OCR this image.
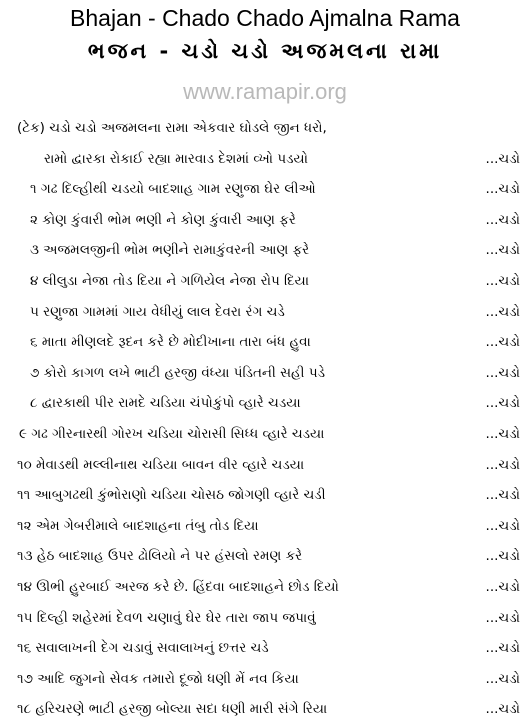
Bhajan - Chado Chado Ajmalna Rama
ભજન - ચડો ચડો અજમલના રામા
www.ramapir.org
(ટેક) ચડો ચડો અજમલના રામા એકવાર ઘોડલે જીન ધરો,
રામો દ્વારકા રોકાઈ રહ્યા મારવાડ દેશમાં વ્‍ખો પડયો	...ચડો
૧ ગઢ દિલ્હીથી ચડયો બાદશાહ ગામ રણુજા ઘેર લીઓ	...ચડો
૨ કોણ કુંવારી ભોમ ભણી ને કોણ કુંવારી આણ ફરે	...ચડો
૩ અજમલજીની ભોમ ભણીને રામાકુંવરની આણ ફરે	...ચડો
૪ લીલુડા નેજા તોડ દિયા ને ગળિયેલ નેજા રોપ દિયા	...ચડો
૫ રણુજા ગામમાં ગાય વેધીયું લાલ દેવરા રંગ ચડે	...ચડો
૬ માતા મીણલદે રૂદન કરે છે મોદીખાના તારા બંધ હુવા	...ચડો
૭ કોરો કાગળ લખે ભાટી હરજી વંધ્યા પંડિતની સહી પડે	...ચડો
૮ દ્વારકાથી પીર રામદે ચડિયા ચંપોકુંપો વ્હારે ચડયા	...ચડો
૯ ગઢ ગીરનારથી ગોરખ ચડિયા ચોરાસી સિધ્ધ વ્હારે ચડયા	...ચડો
૧૦ મેવાડથી મલ્લીનાથ ચડિયા બાવન વીર વ્હારે ચડયા	...ચડો
૧૧ આબુગઢથી કુંભોરાણો ચડિયા ચોસઠ જોગણી વ્હારે ચડી	...ચડો
૧૨ એમ ગેબરીમાલે બાદશાહના તંબુ તોડ દિયા	...ચડો
૧૩ હેઠ બાદશાહ ઉપર ઢોલિયો ને પર હંસલો રમણ કરે	...ચડો
૧૪ ઊભી હુરબાઈ અરજ કરે છે. હિંદવા બાદશાહને છોડ દિયો	...ચડો
૧૫ દિલ્હી શહેરમાં દેવળ ચણાવું ઘેર ઘેર તારા જાપ જપાવું	...ચડો
૧૬ સવાલાખની દેગ ચડાવું સવાલાખનું છત્તર ચડે	...ચડો
૧૭ આદિ જુગનો સેવક તમારો દૂજો ધણી મેં નવ કિયા	...ચડો
૧૮ હરિચરણે ભાટી હરજી બોલ્યા સદા ધણી મારી સંગે રિયા	...ચડો
